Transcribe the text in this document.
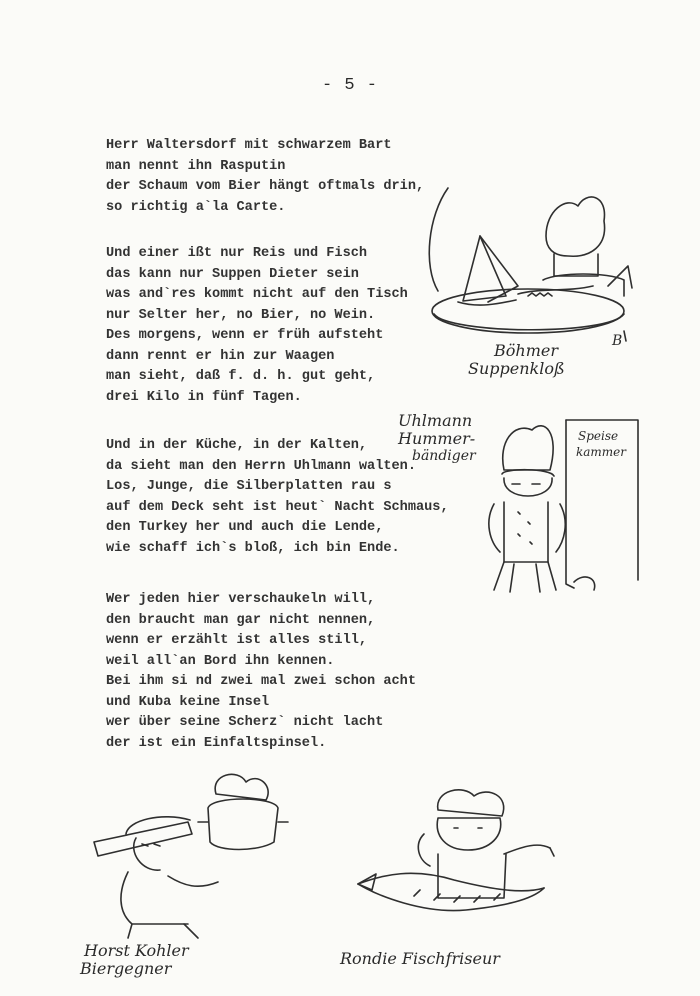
- 5 -
Herr Waltersdorf mit schwarzem Bart
man nennt ihn Rasputin
der Schaum vom Bier hängt oftmals drin,
so richtig a`la Carte.
Und einer ißt nur Reis und Fisch
das kann nur Suppen Dieter sein
was and`res kommt nicht auf den Tisch
nur Selter her, no Bier, no Wein.
Des morgens, wenn er früh aufsteht
dann rennt er hin zur Waagen
man sieht, daß f. d. h. gut geht,
drei Kilo in fünf Tagen.
Und in der Küche, in der Kalten,
da sieht man den Herrn Uhlmann walten.
Los, Junge, die Silberplatten rau s
auf dem Deck seht ist heut` Nacht Schmaus,
den Turkey her und auch die Lende,
wie schaff ich`s bloß, ich bin Ende.
Wer jeden hier verschaukeln will,
den braucht man gar nicht nennen,
wenn er erzählt ist alles still,
weil all`an Bord ihn kennen.
Bei ihm si nd zwei mal zwei schon acht
und Kuba keine Insel
wer über seine Scherz` nicht lacht
der ist ein Einfaltspinsel.
B
Böhmer
Suppenkloß
Uhlmann
Hummer-
bändiger
Speise
kammer
Horst Kohler
Biergegner
Rondie Fischfriseur
